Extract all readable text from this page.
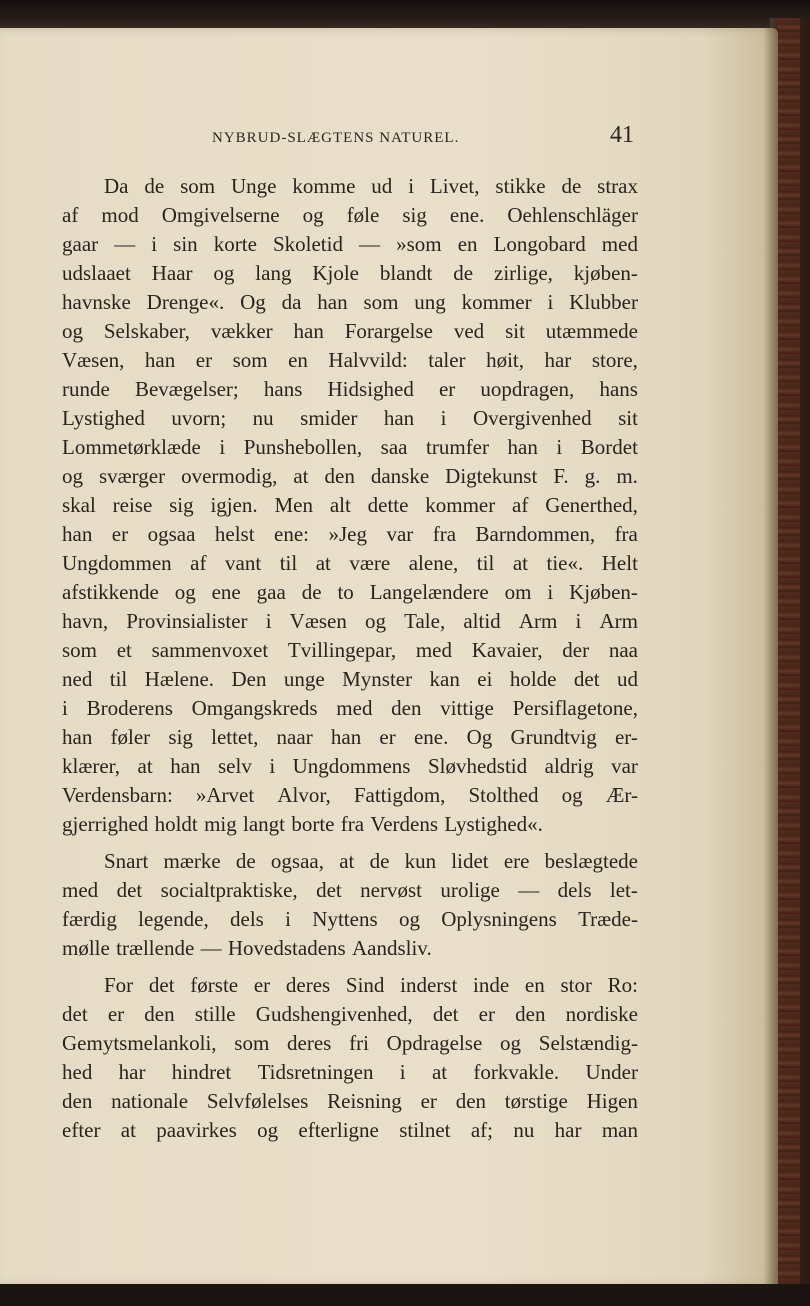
NYBRUD-SLÆGTENS NATUREL.	41
Da de som Unge komme ud i Livet, stikke de strax
af mod Omgivelserne og føle sig ene. Oehlenschläger
gaar — i sin korte Skoletid — »som en Longobard med
udslaaet Haar og lang Kjole blandt de zirlige, kjøben-
havnske Drenge«. Og da han som ung kommer i Klubber
og Selskaber, vækker han Forargelse ved sit utæmmede
Væsen, han er som en Halvvild: taler høit, har store,
runde Bevægelser; hans Hidsighed er uopdragen, hans
Lystighed uvorn; nu smider han i Overgivenhed sit
Lommetørklæde i Punshebollen, saa trumfer han i Bordet
og sværger overmodig, at den danske Digtekunst F. g. m.
skal reise sig igjen. Men alt dette kommer af Generthed,
han er ogsaa helst ene: »Jeg var fra Barndommen, fra
Ungdommen af vant til at være alene, til at tie«. Helt
afstikkende og ene gaa de to Langelændere om i Kjøben-
havn, Provinsialister i Væsen og Tale, altid Arm i Arm
som et sammenvoxet Tvillingepar, med Kavaier, der naa
ned til Hælene. Den unge Mynster kan ei holde det ud
i Broderens Omgangskreds med den vittige Persiflagetone,
han føler sig lettet, naar han er ene. Og Grundtvig er-
klærer, at han selv i Ungdommens Sløvhedstid aldrig var
Verdensbarn: »Arvet Alvor, Fattigdom, Stolthed og Ær-
gjerrighed holdt mig langt borte fra Verdens Lystighed«.
Snart mærke de ogsaa, at de kun lidet ere beslægtede
med det socialtpraktiske, det nervøst urolige — dels let-
færdig legende, dels i Nyttens og Oplysningens Træde-
mølle trællende — Hovedstadens Aandsliv.
For det første er deres Sind inderst inde en stor Ro:
det er den stille Gudshengivenhed, det er den nordiske
Gemytsmelankoli, som deres fri Opdragelse og Selstændig-
hed har hindret Tidsretningen i at forkvakle. Under
den nationale Selvfølelses Reisning er den tørstige Higen
efter at paavirkes og efterligne stilnet af; nu har man
